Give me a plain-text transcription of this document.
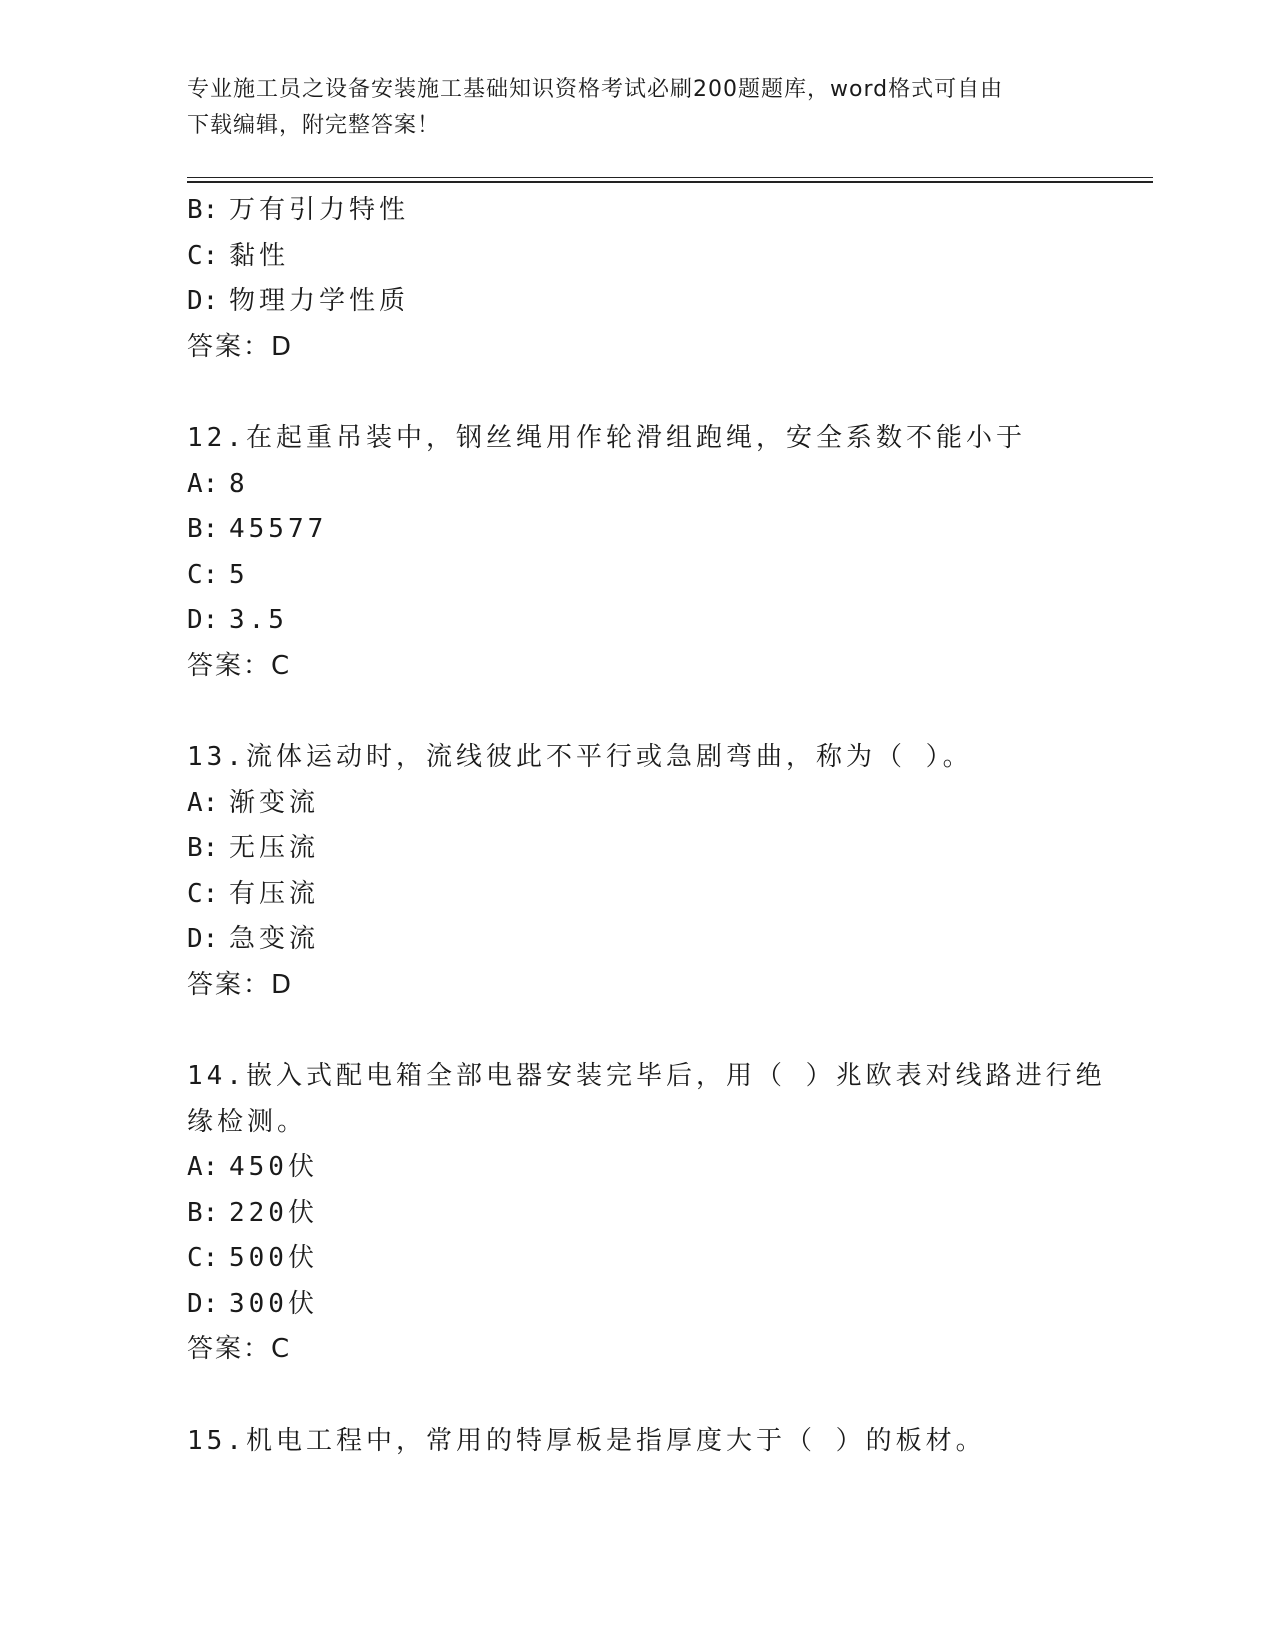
专业施工员之设备安装施工基础知识资格考试必刷200题题库，word格式可自由
下载编辑，附完整答案！
B: 万有引力特性
C: 黏性
D: 物理力学性质
答案：D
12.在起重吊装中，钢丝绳用作轮滑组跑绳，安全系数不能小于
A: 8
B: 45577
C: 5
D: 3.5
答案：C
13.流体运动时，流线彼此不平行或急剧弯曲，称为（ ）。
A: 渐变流
B: 无压流
C: 有压流
D: 急变流
答案：D
14.嵌入式配电箱全部电器安装完毕后，用（ ）兆欧表对线路进行绝
缘检测。
A: 450伏
B: 220伏
C: 500伏
D: 300伏
答案：C
15.机电工程中，常用的特厚板是指厚度大于（ ）的板材。
